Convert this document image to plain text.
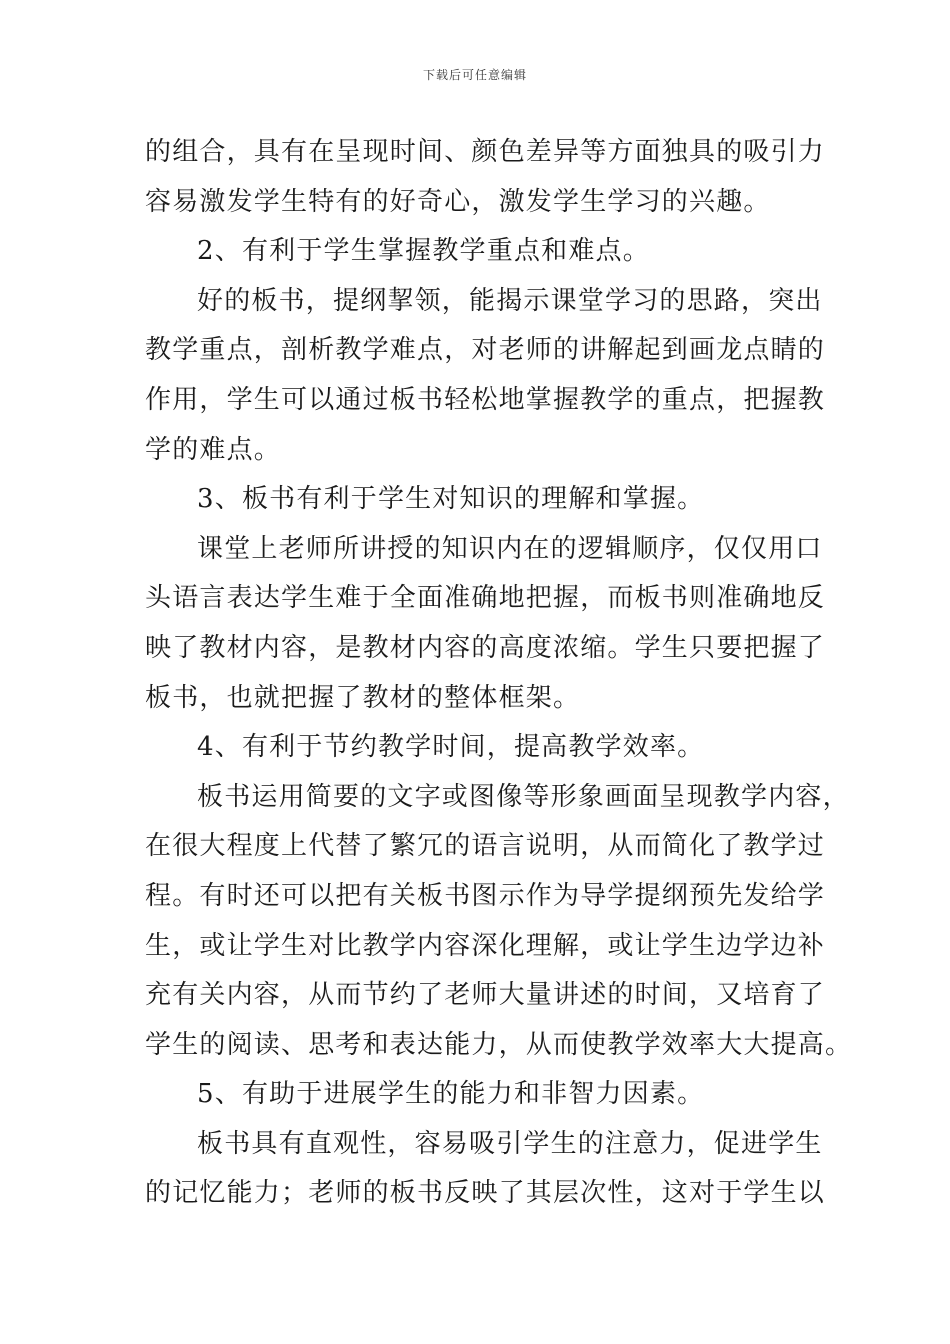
下载后可任意编辑
的组合，具有在呈现时间、颜色差异等方面独具的吸引力
容易激发学生特有的好奇心，激发学生学习的兴趣。
2、有利于学生掌握教学重点和难点。
好的板书，提纲挈领，能揭示课堂学习的思路，突出
教学重点，剖析教学难点，对老师的讲解起到画龙点睛的
作用，学生可以通过板书轻松地掌握教学的重点，把握教
学的难点。
3、板书有利于学生对知识的理解和掌握。
课堂上老师所讲授的知识内在的逻辑顺序，仅仅用口
头语言表达学生难于全面准确地把握，而板书则准确地反
映了教材内容，是教材内容的高度浓缩。学生只要把握了
板书，也就把握了教材的整体框架。
4、有利于节约教学时间，提高教学效率。
板书运用简要的文字或图像等形象画面呈现教学内容，
在很大程度上代替了繁冗的语言说明，从而简化了教学过
程。有时还可以把有关板书图示作为导学提纲预先发给学
生，或让学生对比教学内容深化理解，或让学生边学边补
充有关内容，从而节约了老师大量讲述的时间，又培育了
学生的阅读、思考和表达能力，从而使教学效率大大提高。
5、有助于进展学生的能力和非智力因素。
板书具有直观性，容易吸引学生的注意力，促进学生
的记忆能力；老师的板书反映了其层次性，这对于学生以
